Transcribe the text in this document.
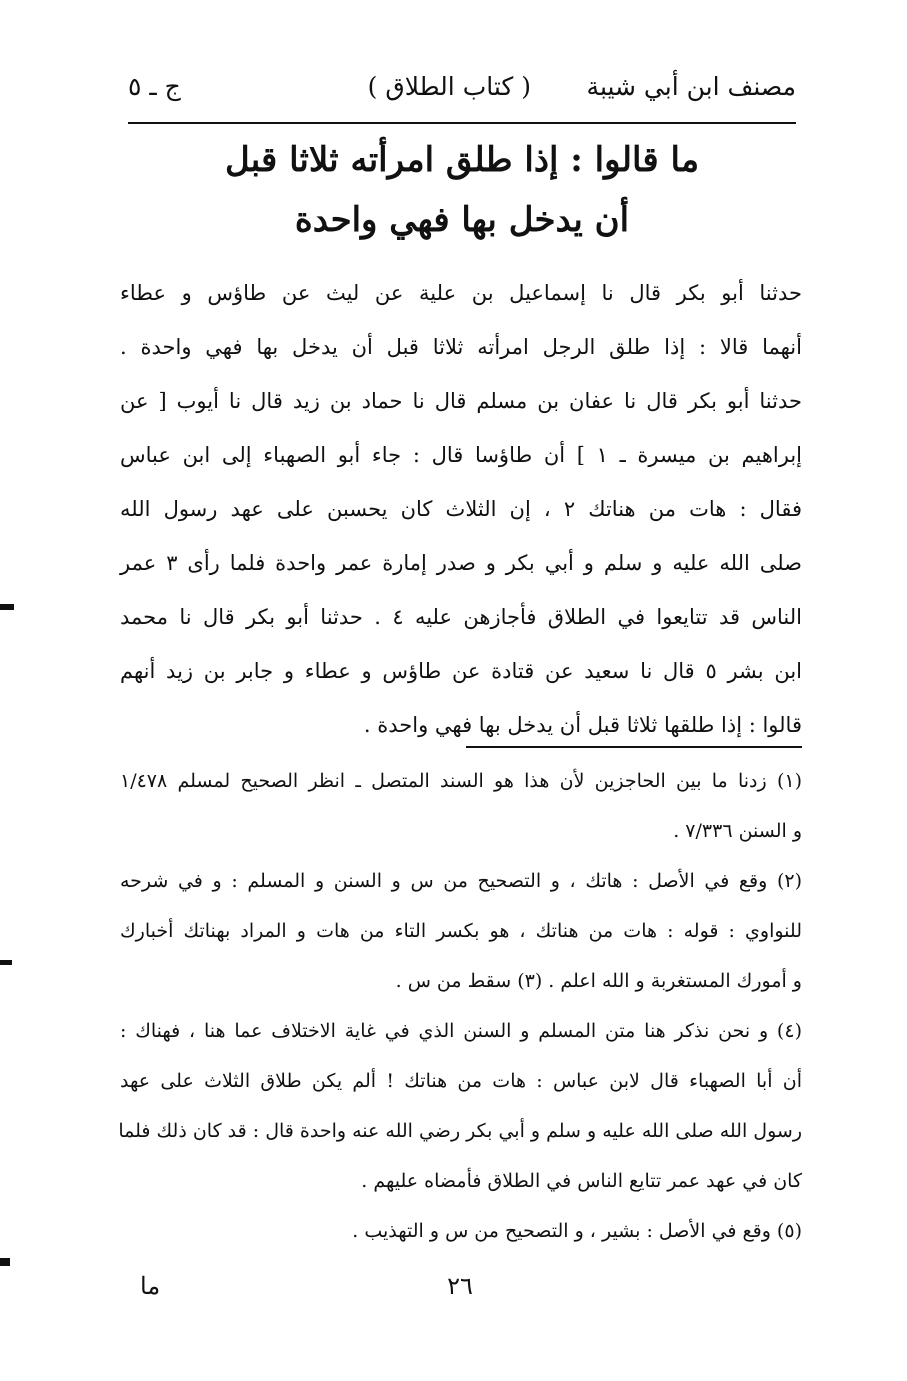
مصنف ابن أبي شيبة
( كتاب الطلاق )
ج ـ ٥
ما قالوا : إذا طلق امرأته ثلاثا قبل
أن يدخل بها فهي واحدة
حدثنا أبو بكر قال نا إسماعيل بن علية عن ليث عن طاؤس و عطاء
أنهما قالا : إذا طلق الرجل امرأته ثلاثا قبل أن يدخل بها فهي واحدة .
حدثنا أبو بكر قال نا عفان بن مسلم قال نا حماد بن زيد قال نا أيوب [ عن
إبراهيم بن ميسرة ـ ١ ] أن طاؤسا قال : جاء أبو الصهباء إلى ابن عباس
فقال : هات من هناتك ٢ ، إن الثلاث كان يحسبن على عهد رسول الله
صلى الله عليه و سلم و أبي بكر و صدر إمارة عمر واحدة فلما رأى ٣ عمر
الناس قد تتايعوا في الطلاق فأجازهن عليه ٤ . حدثنا أبو بكر قال نا محمد
ابن بشر ٥ قال نا سعيد عن قتادة عن طاؤس و عطاء و جابر بن زيد أنهم
قالوا : إذا طلقها ثلاثا قبل أن يدخل بها فهي واحدة .
(١) زدنا ما بين الحاجزين لأن هذا هو السند المتصل ـ انظر الصحيح لمسلم ١/٤٧٨
و السنن ٧/٣٣٦ .
(٢) وقع في الأصل : هاتك ، و التصحيح من س و السنن و المسلم : و في شرحه
للنواوي : قوله : هات من هناتك ، هو بكسر التاء من هات و المراد بهناتك أخبارك
و أمورك المستغربة و الله اعلم . (٣) سقط من س .
(٤) و نحن نذكر هنا متن المسلم و السنن الذي في غاية الاختلاف عما هنا ، فهناك :
أن أبا الصهباء قال لابن عباس : هات من هناتك ! ألم يكن طلاق الثلاث على عهد
رسول الله صلى الله عليه و سلم و أبي بكر رضي الله عنه واحدة قال : قد كان ذلك فلما
كان في عهد عمر تتايع الناس في الطلاق فأمضاه عليهم .
(٥) وقع في الأصل : بشير ، و التصحيح من س و التهذيب .
٢٦
ما
